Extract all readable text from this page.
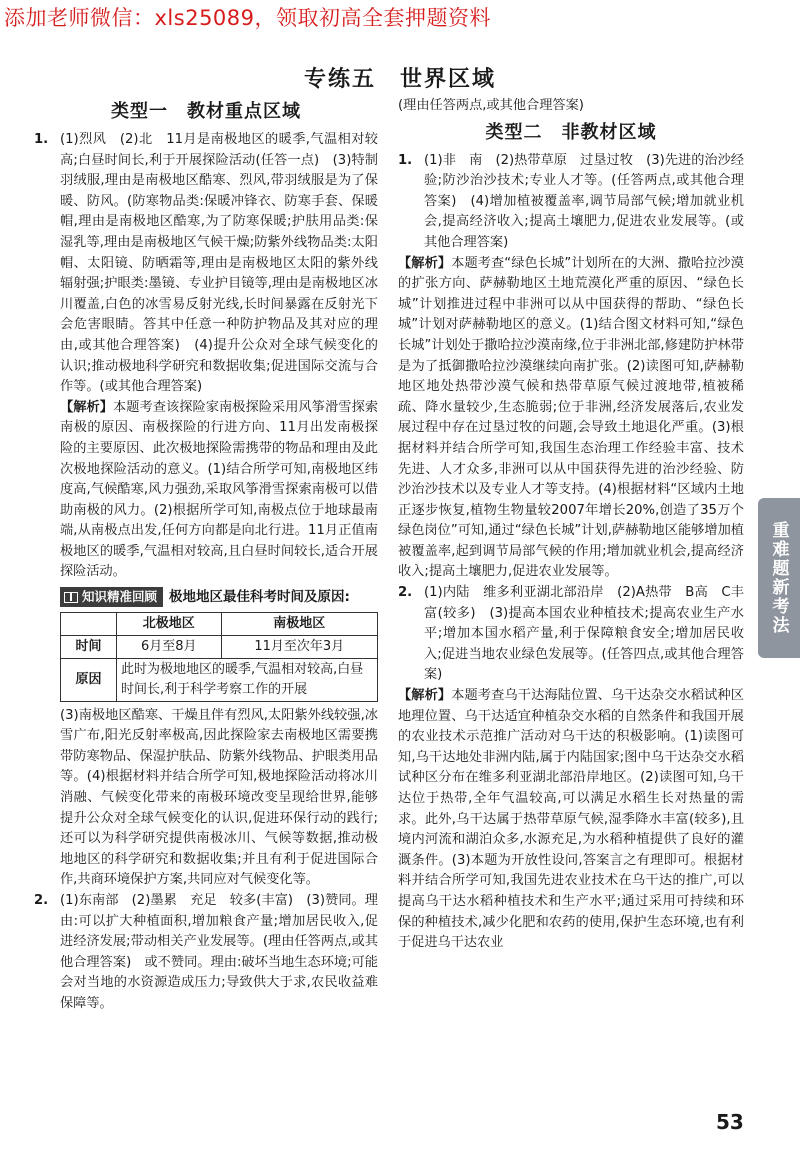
添加老师微信：xls25089，领取初高全套押题资料
专练五　世界区域
类型一　教材重点区域
1. (1)烈风　(2)北　11月是南极地区的暖季,气温相对较高;白昼时间长,利于开展探险活动(任答一点)　(3)特制羽绒服,理由是南极地区酷寒、烈风,带羽绒服是为了保暖、防风。(防寒物品类:保暖冲锋衣、防寒手套、保暖帽,理由是南极地区酷寒,为了防寒保暖;护肤用品类:保湿乳等,理由是南极地区气候干燥;防紫外线物品类:太阳帽、太阳镜、防晒霜等,理由是南极地区太阳的紫外线辐射强;护眼类:墨镜、专业护目镜等,理由是南极地区冰川覆盖,白色的冰雪易反射光线,长时间暴露在反射光下会危害眼睛。答其中任意一种防护物品及其对应的理由,或其他合理答案)　(4)提升公众对全球气候变化的认识;推动极地科学研究和数据收集;促进国际交流与合作等。(或其他合理答案)

【解析】本题考查该探险家南极探险采用风筝滑雪探索南极的原因、南极探险的行进方向、11月出发南极探险的主要原因、此次极地探险需携带的物品和理由及此次极地探险活动的意义。(1)结合所学可知,南极地区纬度高,气候酷寒,风力强劲,采取风筝滑雪探索南极可以借助南极的风力。(2)根据所学可知,南极点位于地球最南端,从南极点出发,任何方向都是向北行进。11月正值南极地区的暖季,气温相对较高,且白昼时间较长,适合开展探险活动。

知识精准回顾 极地地区最佳科考时间及原因:
	北极地区	南极地区
时间	6月至8月	11月至次年3月
原因	此时为极地地区的暖季,气温相对较高,白昼时间长,利于科学考察工作的开展	

(3)南极地区酷寒、干燥且伴有烈风,太阳紫外线较强,冰雪广布,阳光反射率极高,因此探险家去南极地区需要携带防寒物品、保湿护肤品、防紫外线物品、护眼类用品等。(4)根据材料并结合所学可知,极地探险活动将冰川消融、气候变化带来的南极环境改变呈现给世界,能够提升公众对全球气候变化的认识,促进环保行动的践行;还可以为科学研究提供南极冰川、气候等数据,推动极地地区的科学研究和数据收集;并且有利于促进国际合作,共商环境保护方案,共同应对气候变化等。

2. (1)东南部　(2)墨累　充足　较多(丰富)　(3)赞同。理由:可以扩大种植面积,增加粮食产量;增加居民收入,促进经济发展;带动相关产业发展等。(理由任答两点,或其他合理答案)　或不赞同。理由:破坏当地生态环境;可能会对当地的水资源造成压力;导致供大于求,农民收益难保障等。

(理由任答两点,或其他合理答案)

类型二　非教材区域
1. (1)非　南　(2)热带草原　过垦过牧　(3)先进的治沙经验;防沙治沙技术;专业人才等。(任答两点,或其他合理答案)　(4)增加植被覆盖率,调节局部气候;增加就业机会,提高经济收入;提高土壤肥力,促进农业发展等。(或其他合理答案)

【解析】本题考查“绿色长城”计划所在的大洲、撒哈拉沙漠的扩张方向、萨赫勒地区土地荒漠化严重的原因、“绿色长城”计划推进过程中非洲可以从中国获得的帮助、“绿色长城”计划对萨赫勒地区的意义。(1)结合图文材料可知,“绿色长城”计划处于撒哈拉沙漠南缘,位于非洲北部,修建防护林带是为了抵御撒哈拉沙漠继续向南扩张。(2)读图可知,萨赫勒地区地处热带沙漠气候和热带草原气候过渡地带,植被稀疏、降水量较少,生态脆弱;位于非洲,经济发展落后,农业发展过程中存在过垦过牧的问题,会导致土地退化严重。(3)根据材料并结合所学可知,我国生态治理工作经验丰富、技术先进、人才众多,非洲可以从中国获得先进的治沙经验、防沙治沙技术以及专业人才等支持。(4)根据材料“区域内土地正逐步恢复,植物生物量较2007年增长20%,创造了35万个绿色岗位”可知,通过“绿色长城”计划,萨赫勒地区能够增加植被覆盖率,起到调节局部气候的作用;增加就业机会,提高经济收入;提高土壤肥力,促进农业发展等。

2. (1)内陆　维多利亚湖北部沿岸　(2)A热带　B高　C丰富(较多)　(3)提高本国农业种植技术;提高农业生产水平;增加本国水稻产量,利于保障粮食安全;增加居民收入;促进当地农业绿色发展等。(任答四点,或其他合理答案)

【解析】本题考查乌干达海陆位置、乌干达杂交水稻试种区地理位置、乌干达适宜种植杂交水稻的自然条件和我国开展的农业技术示范推广活动对乌干达的积极影响。(1)读图可知,乌干达地处非洲内陆,属于内陆国家;图中乌干达杂交水稻试种区分布在维多利亚湖北部沿岸地区。(2)读图可知,乌干达位于热带,全年气温较高,可以满足水稻生长对热量的需求。此外,乌干达属于热带草原气候,湿季降水丰富(较多),且境内河流和湖泊众多,水源充足,为水稻种植提供了良好的灌溉条件。(3)本题为开放性设问,答案言之有理即可。根据材料并结合所学可知,我国先进农业技术在乌干达的推广,可以提高乌干达水稻种植技术和生产水平;通过采用可持续和环保的种植技术,减少化肥和农药的使用,保护生态环境,也有利于促进乌干达农业

重难题新考法
53
